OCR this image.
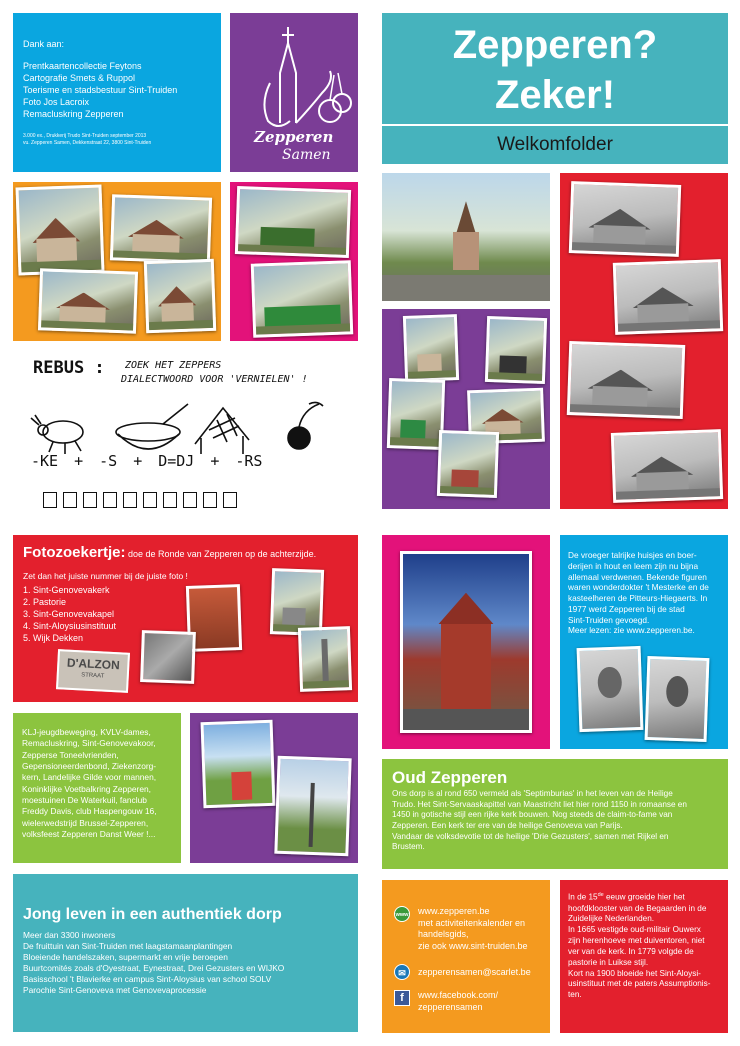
Dank aan:
Prentkaartencollectie Feytons
Cartografie Smets & Ruppol
Toerisme en stadsbestuur Sint-Truiden
Foto Jos Lacroix
Remacluskring Zepperen
3.000 ex., Drukkerij Trudo Sint-Truiden september 2013
vu. Zepperen Samen, Dekkenstraat 22, 3800 Sint-Truiden	Zepperen
Samen
Zepperen?
Zeker!
Welkomfolder
REBUS : ZOEK HET ZEPPERS
DIALECTWOORD VOOR 'VERNIELEN' !
-KE + -S + D=DJ + -RS
Fotozoekertje: doe de Ronde van Zepperen op de achterzijde.
Zet dan het juiste nummer bij de juiste foto !
1. Sint-Genovevakerk
2. Pastorie
3. Sint-Genovevakapel
4. Sint-Aloysiusinstituut
5. Wijk Dekken
D'ALZON
STRAAT
De vroeger talrijke huisjes en boer-
derijen in hout en leem zijn nu bijna
allemaal verdwenen. Bekende figuren
waren wonderdokter 't Mesterke en de
kasteelheren de Pitteurs-Hiegaerts. In
1977 werd Zepperen bij de stad
Sint-Truiden gevoegd.
Meer lezen: zie www.zepperen.be.
KLJ-jeugdbeweging, KVLV-dames,
Remacluskring, Sint-Genovevakoor,
Zepperse Toneelvrienden,
Gepensioneerdenbond, Ziekenzorg-
kern, Landelijke Gilde voor mannen,
Koninklijke Voetbalkring Zepperen,
moestuinen De Waterkuil, fanclub
Freddy Davis, club Haspengouw 16,
wielerwedstrijd Brussel-Zepperen,
volksfeest Zepperen Danst Weer !...
Oud Zepperen
Ons dorp is al rond 650 vermeld als 'Septimburias' in het leven van de Heilige
Trudo. Het Sint-Servaaskapittel van Maastricht liet hier rond 1150 in romaanse en
1450 in gotische stijl een rijke kerk bouwen. Nog steeds de claim-to-fame van
Zepperen. Een kerk ter ere van de heilige Genoveva van Parijs.
Vandaar de volksdevotie tot de heilige 'Drie Gezusters', samen met Rijkel en
Brustem.
Jong leven in een authentiek dorp
Meer dan 3300 inwoners
De fruittuin van Sint-Truiden met laagstamaanplantingen
Bloeiende handelszaken, supermarkt en vrije beroepen
Buurtcomités zoals d'Oyestraat, Eynestraat, Drei Gezusters en WIJKO
Basisschool 't Blavierke en campus Sint-Aloysius van school SOLV
Parochie Sint-Genoveva met Genovevaprocessie
www www.zepperen.be
met activiteitenkalender en
handelsgids,
zie ook www.sint-truiden.be
✉	zepperensamen@scarlet.be
f	www.facebook.com/
zepperensamen
In de 15de eeuw groeide hier het
hoofdklooster van de Begaarden in de
Zuidelijke Nederlanden.
In 1665 vestigde oud-militair Ouwerx
zijn herenhoeve met duiventoren, niet
ver van de kerk. In 1779 volgde de
pastorie in Luikse stijl.
Kort na 1900 bloeide het Sint-Aloysi-
usinstituut met de paters Assumptionis-
ten.
